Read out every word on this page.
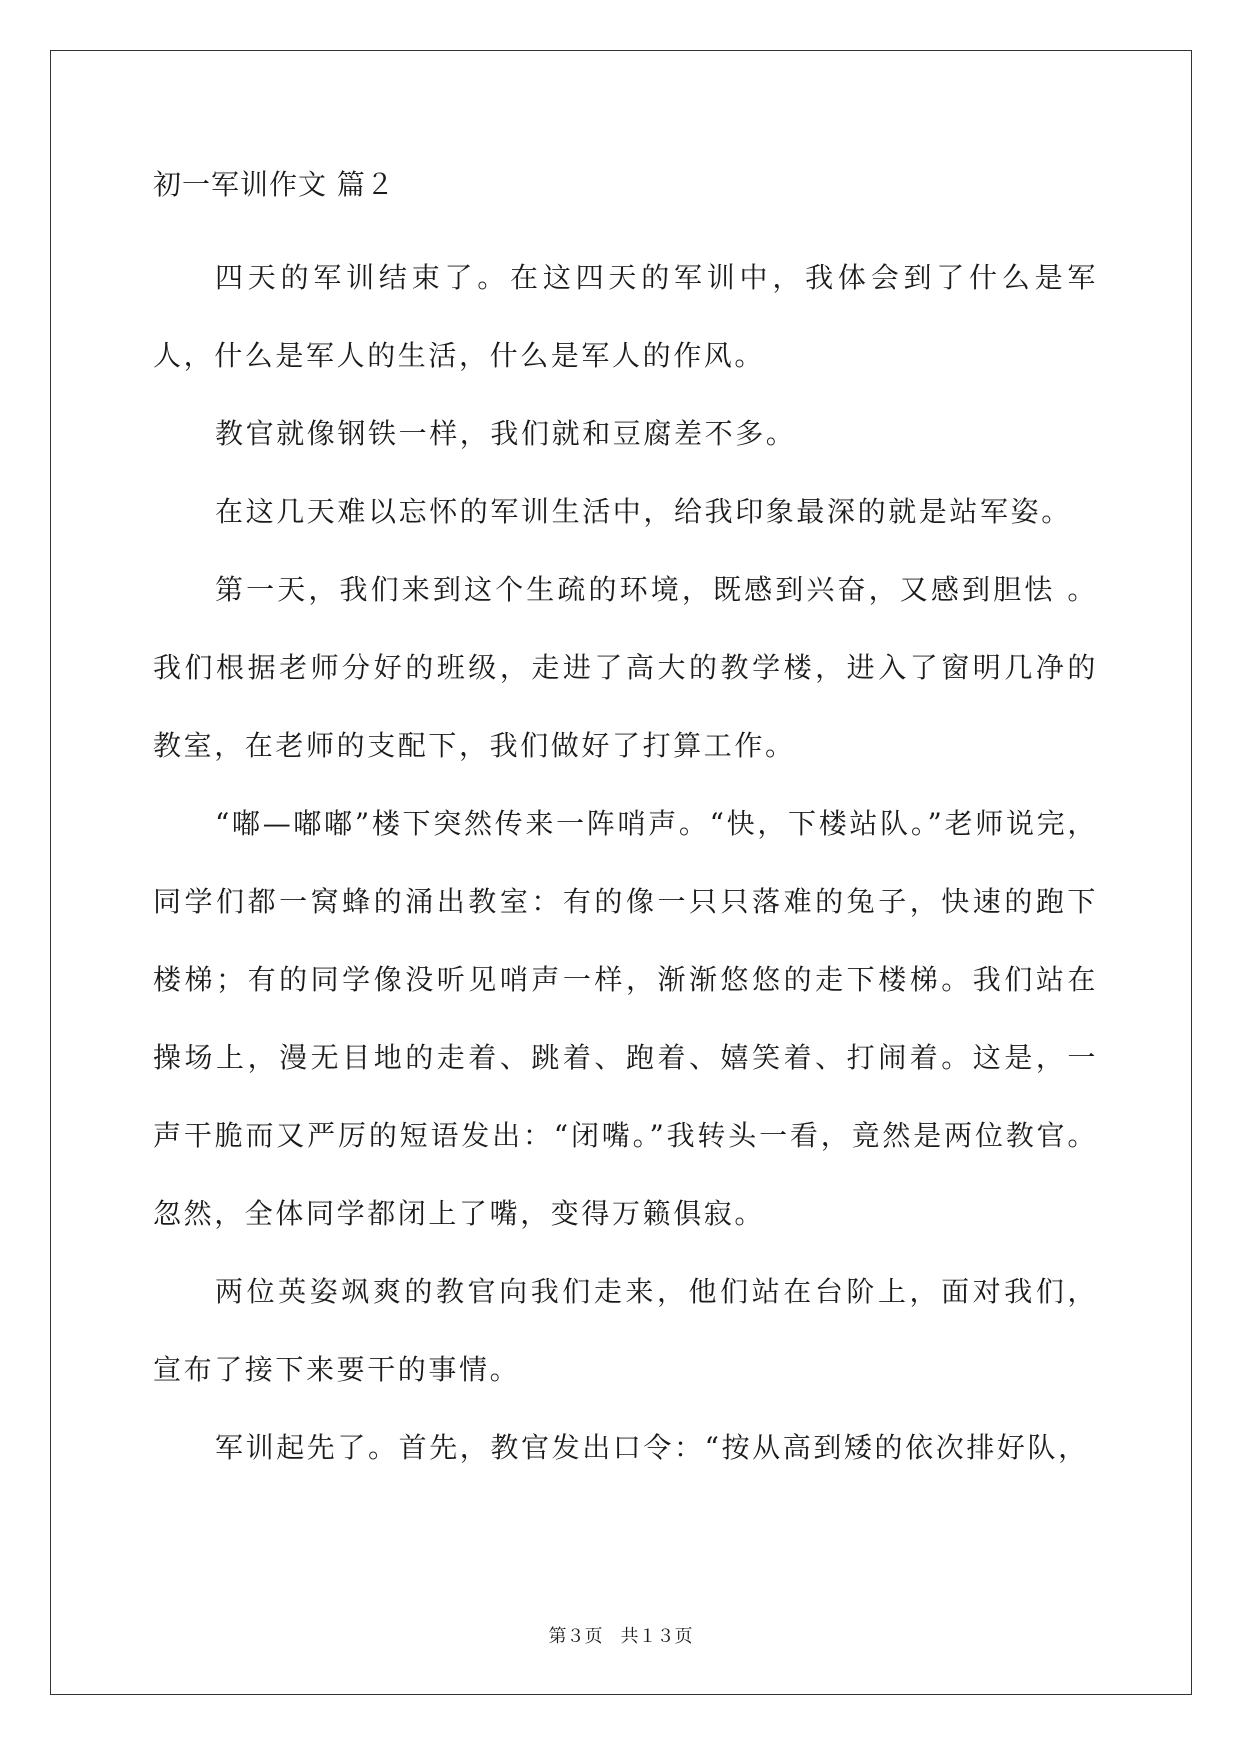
初一军训作文 篇２

四天的军训结束了。在这四天的军训中，我体会到了什么是军人，什么是军人的生活，什么是军人的作风。

教官就像钢铁一样，我们就和豆腐差不多。

在这几天难以忘怀的军训生活中，给我印象最深的就是站军姿。

第一天，我们来到这个生疏的环境，既感到兴奋，又感到胆怯 。我们根据老师分好的班级，走进了高大的教学楼，进入了窗明几净的教室，在老师的支配下，我们做好了打算工作。

“嘟—嘟嘟”楼下突然传来一阵哨声。“快，下楼站队。”老师说完，同学们都一窝蜂的涌出教室：有的像一只只落难的兔子，快速的跑下楼梯；有的同学像没听见哨声一样，渐渐悠悠的走下楼梯。我们站在操场上，漫无目地的走着、跳着、跑着、嬉笑着、打闹着。这是，一声干脆而又严厉的短语发出：“闭嘴。”我转头一看，竟然是两位教官。忽然，全体同学都闭上了嘴，变得万籁俱寂。

两位英姿飒爽的教官向我们走来，他们站在台阶上，面对我们，宣布了接下来要干的事情。

军训起先了。首先，教官发出口令：“按从高到矮的依次排好队，

第３页　共１３页
